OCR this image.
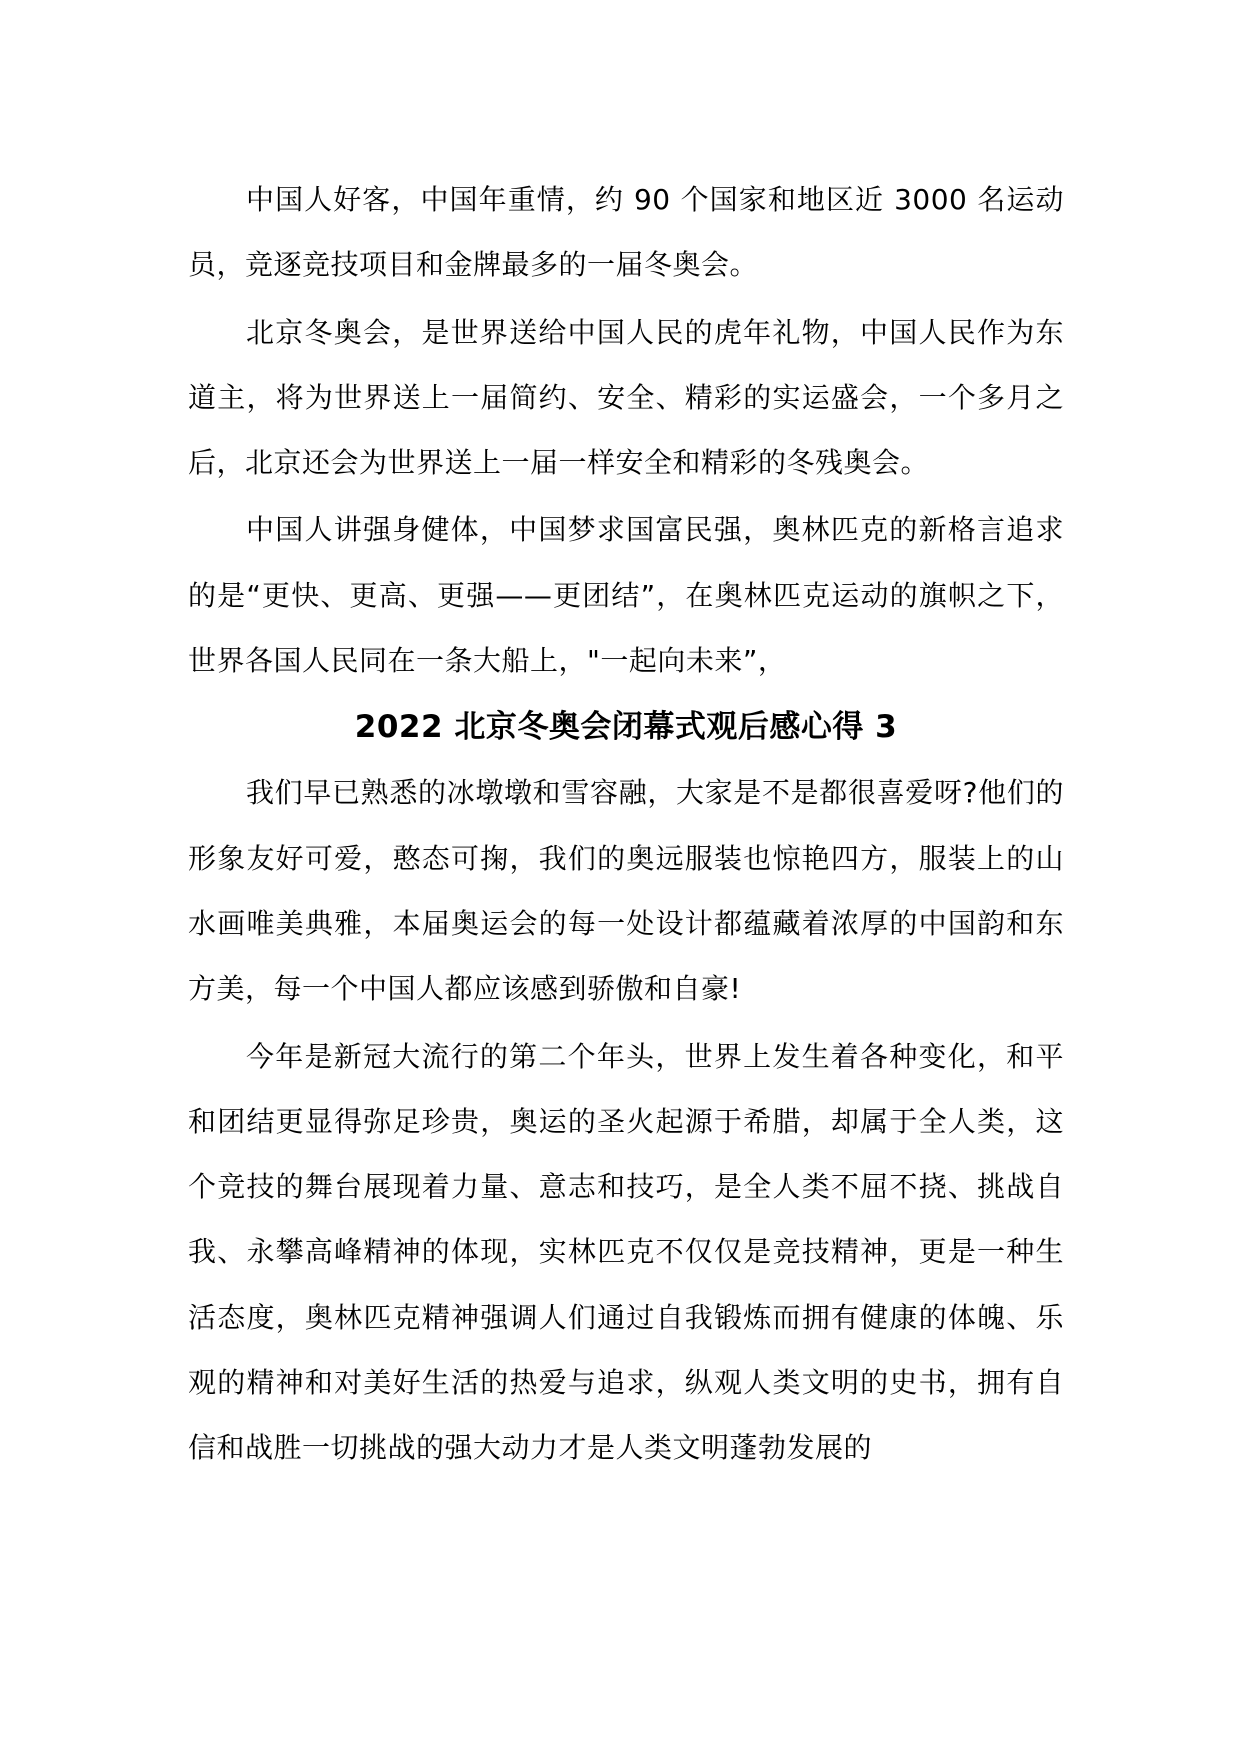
中国人好客，中国年重情，约 90 个国家和地区近 3000 名运动员，竞逐竞技项目和金牌最多的一届冬奥会。

北京冬奥会，是世界送给中国人民的虎年礼物，中国人民作为东道主，将为世界送上一届简约、安全、精彩的实运盛会，一个多月之后，北京还会为世界送上一届一样安全和精彩的冬残奥会。

中国人讲强身健体，中国梦求国富民强，奥林匹克的新格言追求的是“更快、更高、更强——更团结”，在奥林匹克运动的旗帜之下，世界各国人民同在一条大船上，"一起向未来”，

2022 北京冬奥会闭幕式观后感心得 3

我们早已熟悉的冰墩墩和雪容融，大家是不是都很喜爱呀?他们的形象友好可爱，憨态可掬，我们的奥远服装也惊艳四方，服装上的山水画唯美典雅，本届奥运会的每一处设计都蕴藏着浓厚的中国韵和东方美，每一个中国人都应该感到骄傲和自豪!

今年是新冠大流行的第二个年头，世界上发生着各种变化，和平和团结更显得弥足珍贵，奥运的圣火起源于希腊，却属于全人类，这个竞技的舞台展现着力量、意志和技巧，是全人类不屈不挠、挑战自我、永攀高峰精神的体现，实林匹克不仅仅是竞技精神，更是一种生活态度，奥林匹克精神强调人们通过自我锻炼而拥有健康的体魄、乐观的精神和对美好生活的热爱与追求，纵观人类文明的史书，拥有自信和战胜一切挑战的强大动力才是人类文明蓬勃发展的
